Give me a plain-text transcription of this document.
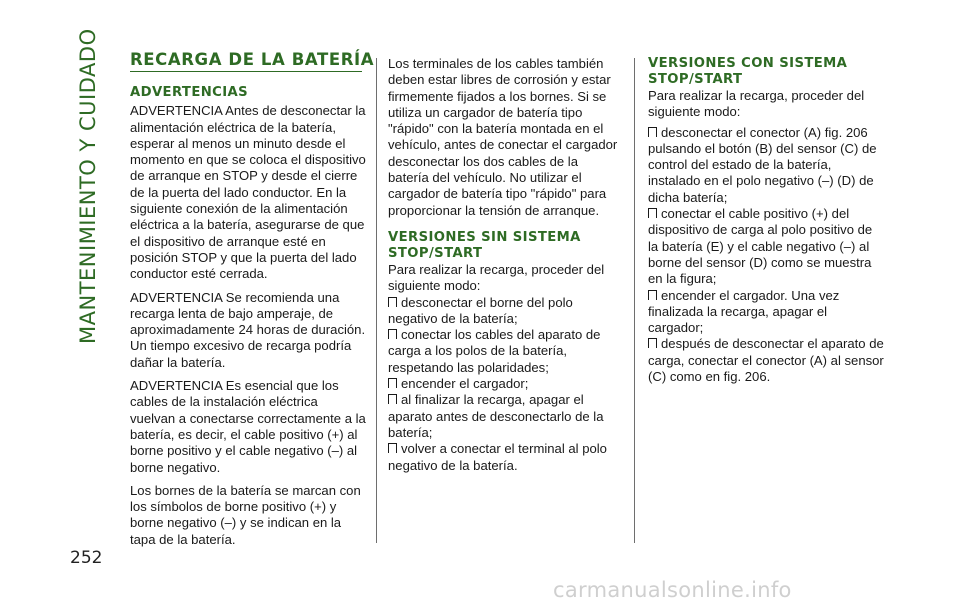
MANTENIMIENTO Y CUIDADO
252
RECARGA DE LA BATERÍA
ADVERTENCIAS

ADVERTENCIA Antes de desconectar la alimentación eléctrica de la batería, esperar al menos un minuto desde el momento en que se coloca el dispositivo de arranque en STOP y desde el cierre de la puerta del lado conductor. En la siguiente conexión de la alimentación eléctrica a la batería, asegurarse de que el dispositivo de arranque esté en posición STOP y que la puerta del lado conductor esté cerrada.

ADVERTENCIA Se recomienda una recarga lenta de bajo amperaje, de aproximadamente 24 horas de duración. Un tiempo excesivo de recarga podría dañar la batería.

ADVERTENCIA Es esencial que los cables de la instalación eléctrica vuelvan a conectarse correctamente a la batería, es decir, el cable positivo (+) al borne positivo y el cable negativo (–) al borne negativo.

Los bornes de la batería se marcan con los símbolos de borne positivo (+) y borne negativo (–) y se indican en la tapa de la batería.

Los terminales de los cables también deben estar libres de corrosión y estar firmemente fijados a los bornes. Si se utiliza un cargador de batería tipo "rápido" con la batería montada en el vehículo, antes de conectar el cargador desconectar los dos cables de la batería del vehículo. No utilizar el cargador de batería tipo "rápido" para proporcionar la tensión de arranque.

VERSIONES SIN SISTEMA STOP/START

Para realizar la recarga, proceder del siguiente modo:

desconectar el borne del polo negativo de la batería;
conectar los cables del aparato de carga a los polos de la batería, respetando las polaridades;
encender el cargador;
al finalizar la recarga, apagar el aparato antes de desconectarlo de la batería;
volver a conectar el terminal al polo negativo de la batería.
VERSIONES CON SISTEMA STOP/START

Para realizar la recarga, proceder del siguiente modo:

desconectar el conector (A) fig. 206 pulsando el botón (B) del sensor (C) de control del estado de la batería, instalado en el polo negativo (–) (D) de dicha batería;
conectar el cable positivo (+) del dispositivo de carga al polo positivo de la batería (E) y el cable negativo (–) al borne del sensor (D) como se muestra en la figura;
encender el cargador. Una vez finalizada la recarga, apagar el cargador;
después de desconectar el aparato de carga, conectar el conector (A) al sensor (C) como en fig. 206.
carmanualsonline.info
